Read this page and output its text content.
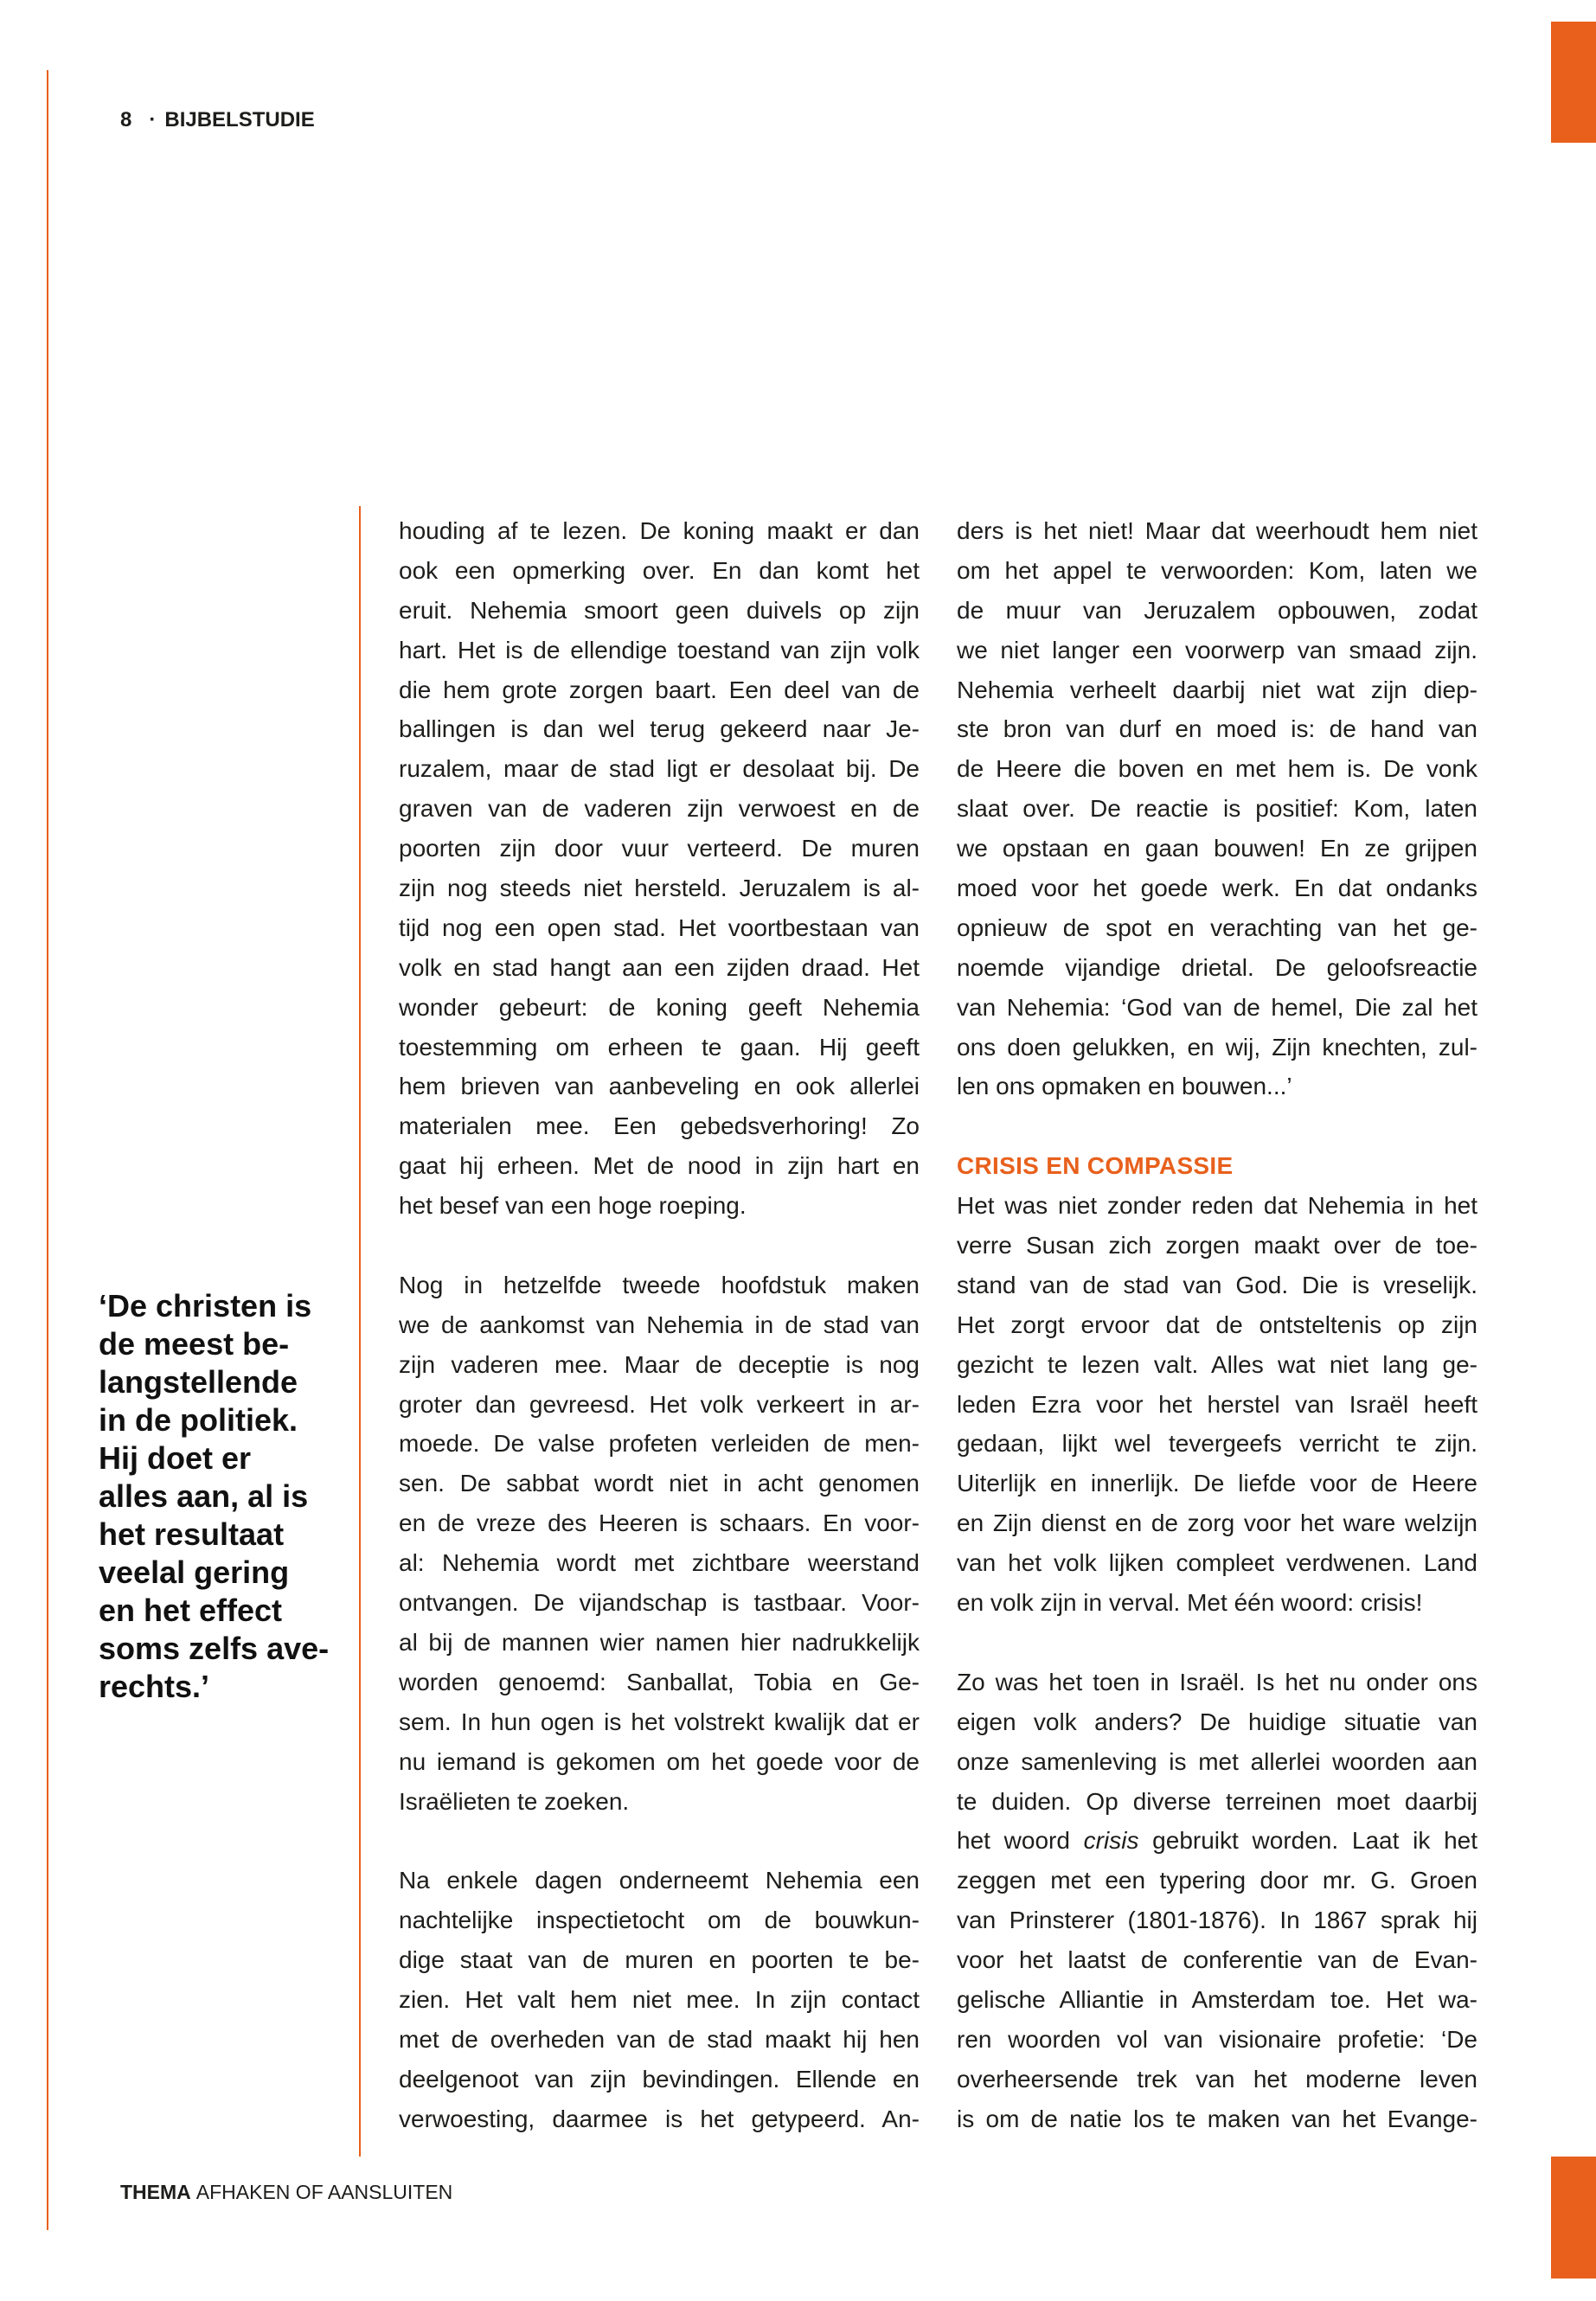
8 · BIJBELSTUDIE
‘De christen is
de meest be-
langstellende
in de politiek.
Hij doet er
alles aan, al is
het resultaat
veelal gering
en het effect
soms zelfs ave-
rechts.’
houding af te lezen. De koning maakt er dan
ook een opmerking over. En dan komt het
eruit. Nehemia smoort geen duivels op zijn
hart. Het is de ellendige toestand van zijn volk
die hem grote zorgen baart. Een deel van de
ballingen is dan wel terug gekeerd naar Je-
ruzalem, maar de stad ligt er desolaat bij. De
graven van de vaderen zijn verwoest en de
poorten zijn door vuur verteerd. De muren
zijn nog steeds niet hersteld. Jeruzalem is al-
tijd nog een open stad. Het voortbestaan van
volk en stad hangt aan een zijden draad. Het
wonder gebeurt: de koning geeft Nehemia
toestemming om erheen te gaan. Hij geeft
hem brieven van aanbeveling en ook allerlei
materialen mee. Een gebedsverhoring! Zo
gaat hij erheen. Met de nood in zijn hart en
het besef van een hoge roeping.
Nog in hetzelfde tweede hoofdstuk maken
we de aankomst van Nehemia in de stad van
zijn vaderen mee. Maar de deceptie is nog
groter dan gevreesd. Het volk verkeert in ar-
moede. De valse profeten verleiden de men-
sen. De sabbat wordt niet in acht genomen
en de vreze des Heeren is schaars. En voor-
al: Nehemia wordt met zichtbare weerstand
ontvangen. De vijandschap is tastbaar. Voor-
al bij de mannen wier namen hier nadrukkelijk
worden genoemd: Sanballat, Tobia en Ge-
sem. In hun ogen is het volstrekt kwalijk dat er
nu iemand is gekomen om het goede voor de
Israëlieten te zoeken.
Na enkele dagen onderneemt Nehemia een
nachtelijke inspectietocht om de bouwkun-
dige staat van de muren en poorten te be-
zien. Het valt hem niet mee. In zijn contact
met de overheden van de stad maakt hij hen
deelgenoot van zijn bevindingen. Ellende en
verwoesting, daarmee is het getypeerd. An-
ders is het niet! Maar dat weerhoudt hem niet
om het appel te verwoorden: Kom, laten we
de muur van Jeruzalem opbouwen, zodat
we niet langer een voorwerp van smaad zijn.
Nehemia verheelt daarbij niet wat zijn diep-
ste bron van durf en moed is: de hand van
de Heere die boven en met hem is. De vonk
slaat over. De reactie is positief: Kom, laten
we opstaan en gaan bouwen! En ze grijpen
moed voor het goede werk. En dat ondanks
opnieuw de spot en verachting van het ge-
noemde vijandige drietal. De geloofsreactie
van Nehemia: ‘God van de hemel, Die zal het
ons doen gelukken, en wij, Zijn knechten, zul-
len ons opmaken en bouwen...’
CRISIS EN COMPASSIE
Het was niet zonder reden dat Nehemia in het
verre Susan zich zorgen maakt over de toe-
stand van de stad van God. Die is vreselijk.
Het zorgt ervoor dat de ontsteltenis op zijn
gezicht te lezen valt. Alles wat niet lang ge-
leden Ezra voor het herstel van Israël heeft
gedaan, lijkt wel tevergeefs verricht te zijn.
Uiterlijk en innerlijk. De liefde voor de Heere
en Zijn dienst en de zorg voor het ware welzijn
van het volk lijken compleet verdwenen. Land
en volk zijn in verval. Met één woord: crisis!
Zo was het toen in Israël. Is het nu onder ons
eigen volk anders? De huidige situatie van
onze samenleving is met allerlei woorden aan
te duiden. Op diverse terreinen moet daarbij
het woord crisis gebruikt worden. Laat ik het
zeggen met een typering door mr. G. Groen
van Prinsterer (1801-1876). In 1867 sprak hij
voor het laatst de conferentie van de Evan-
gelische Alliantie in Amsterdam toe. Het wa-
ren woorden vol van visionaire profetie: ‘De
overheersende trek van het moderne leven
is om de natie los te maken van het Evange-
THEMA AFHAKEN OF AANSLUITEN
